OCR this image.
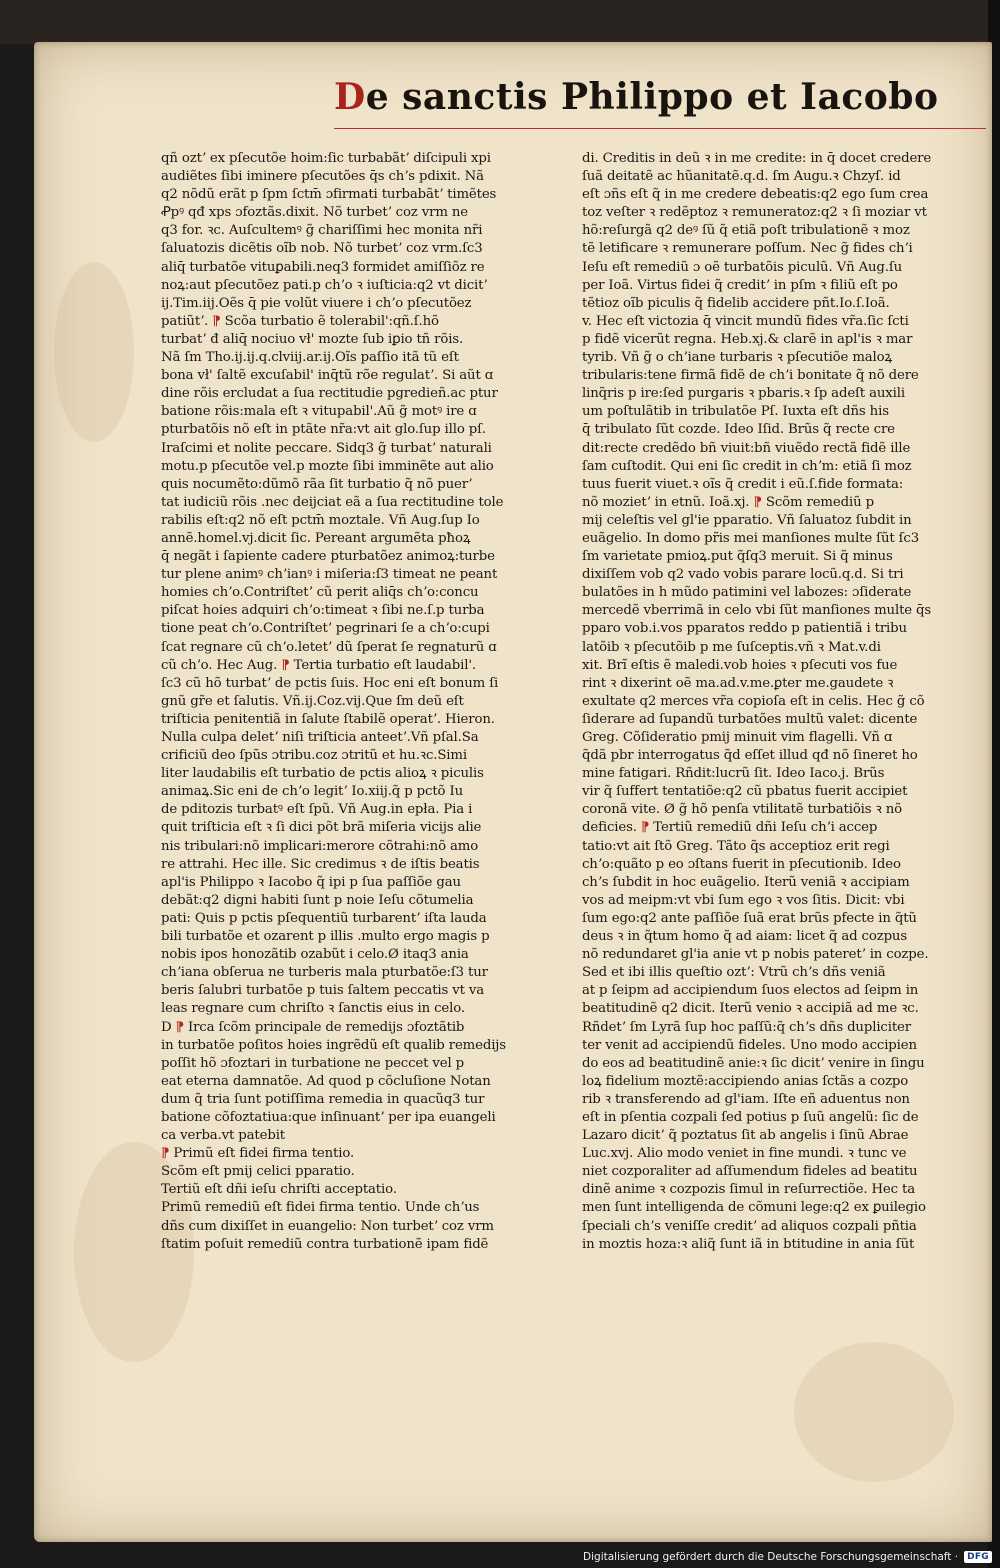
De sanctis Philippo et Iacobo
qñ oztʼ ex pſecutõe hoim:ſic turbabãtʼ diſcipuli xpi
audiẽtes ſibi iminere pſecutões q̄s chʼs pdixit. Nã
q2 nõdũ erãt p ſpm ſctm̄ ɔfirmati turbabãtʼ timẽtes
Ꝓpꝰ qđ xps ɔfoztãs.dixit. Nõ turbetʼ coz vrm ne
q3 for. ꝛc. Auſcultemꝰ g̃ chariſſimi hec monita nr̃i
ſaluatozis dicẽtis oĩb nob. Nõ turbetʼ coz vrm.ſc3
aliq̄ turbatõe vituꝑabili.neq3 formidet amiſſiõz re
noꝝ:aut pſecutõez pati.p chʼo ꝛ iuſticia:q2 vt dicitʼ
ij.Tim.iij.Oẽs q̄ pie volũt viuere i chʼo pſecutõez
patiũtʼ. ⁋ Scõa turbatio ẽ tolerabil':qñ.ſ.hõ
turbatʼ đ aliq̄ nociuo vł' mozte ſub iꝑio tñ rõis.
Nã ſm Tho.ij.ij.q.clviij.ar.ij.Oĩs paſſio itã tũ eſt
bona vł' ſaltẽ excuſabil' inq̄tũ rõe regulatʼ. Si aũt ɑ
dine rõis ercludat a ſua rectitudie pgredieñ.ac ptur
batione rõis:mala eſt ꝛ vitupabil'.Aũ g̃ motꝰ ire ɑ
pturbatõis nõ eſt in ptãte nr̃a:vt ait glo.ſup illo pſ.
Iraſcimi et nolite peccare. Sidq3 g̃ turbatʼ naturali
motu.p pſecutõe vel.p mozte ſibi imminẽte aut alio
quis nocumẽto:dũmõ rãa ſit turbatio q̃ nõ puerʼ
tat iudiciũ rõis .nec deijciat eã a ſua rectitudine tole
rabilis eſt:q2 nõ eſt pctm̄ moztale. Vñ Aug.ſup Io
annẽ.homel.vj.dicit ſic. Pereant argumẽta pħoꝝ
q̄ negãt i ſapiente cadere pturbatõez animoꝝ:turbe
tur plene animꝰ chʼianꝰ i miſeria:ſ3 timeat ne peant
homies chʼo.Contriſtetʼ cũ perit aliq̄s chʼo:concu
piſcat hoies adquiri chʼo:timeat ꝛ ſibi ne.ſ.p turba
tione peat chʼo.Contriſtetʼ pegrinari ſe a chʼo:cupi
ſcat regnare cũ chʼo.letetʼ dũ ſperat ſe regnaturũ ɑ
cũ chʼo. Hec Aug. ⁋ Tertia turbatio eſt laudabil'.
ſc3 cũ hõ turbatʼ de pctis ſuis. Hoc eni eſt bonum ſi
gnũ gr̃e et ſalutis. Vñ.ij.Coz.vij.Que ſm deũ eſt
triſticia penitentiã in ſalute ſtabilẽ operatʼ. Hieron.
Nulla culpa deletʼ niſi triſticia anteetʼ.Vñ pſal.Sa
crificiũ deo ſpũs ɔtribu.coz ɔtritũ et hu.ꝛc.Simi
liter laudabilis eſt turbatio de pctis alioꝝ ꝛ piculis
animaꝝ.Sic eni de chʼo legitʼ Io.xiij.q̃ p pctõ Iu
de pditozis turbatꝰ eſt ſpũ. Vñ Aug.in epła. Pia i
quit triſticia eſt ꝛ ſi dici põt brã miſeria vicijs alie
nis tribulari:nõ implicari:merore cõtrahi:nõ amo
re attrahi. Hec ille. Sic credimus ꝛ de iſtis beatis
apl'is Philippo ꝛ Iacobo q̃ ipi p ſua paſſiõe gau
debãt:q2 digni habiti ſunt p noie Ieſu cõtumelia
pati: Quis p pctis pſequentiũ turbarentʼ iſta lauda
bili turbatõe et ozarent p illis .multo ergo magis p
nobis ipos honozãtib ozabũt i celo.Ø itaq3 ania
chʼiana obſerua ne turberis mala pturbatõe:ſ3 tur
beris ſalubri turbatõe p tuis ſaltem peccatis vt va
leas regnare cum chriſto ꝛ ſanctis eius in celo.
D ⁋ Irca ſcõm principale de remedijs ɔfoztãtib
in turbatõe poſitos hoies ingrẽdũ eſt qualib remedijs
poſſit hõ ɔfoztari in turbatione ne peccet vel p
eat eterna damnatõe. Ad quod p cõcluſione Notan
dum q̃ tria ſunt potiſſima remedia in quacũq3 tur
batione cõfoztatiua:que inſinuantʼ per ipa euangeli
ca verba.vt patebit
⁋ Primũ eſt fidei firma tentio.
Scõm eſt pmij celici pparatio.
Tertiũ eſt dñi ieſu chriſti acceptatio.
Primũ remediũ eſt fidei firma tentio. Unde chʼus
dñs cum dixiſſet in euangelio: Non turbetʼ coz vrm
ſtatim poſuit remediũ contra turbationẽ ipam fidẽ
di. Creditis in deũ ꝛ in me credite: in q̄ docet credere
ſuã deitatẽ ac hũanitatẽ.q.d. ſm Augu.ꝛ Chzyſ. id
eſt ɔñs eſt q̃ in me credere debeatis:q2 ego ſum crea
toz veſter ꝛ redẽptoz ꝛ remuneratoz:q2 ꝛ ſi moziar vt
hõ:reſurgã q2 deꝰ ſũ q̃ etiã poſt tribulationẽ ꝛ moz
tẽ letificare ꝛ remunerare poſſum. Nec g̃ fides chʼi
Ieſu eſt remediũ ɔ oẽ turbatõis piculũ. Vñ Aug.ſu
per Ioã. Virtus fidei q̃ creditʼ in pſm ꝛ filiũ eſt po
tẽtioz oĩb piculis q̃ fidelib accidere pñt.Io.ſ.Ioã.
v. Hec eſt victozia q̄ vincit mundũ fides vr̃a.ſic ſcti
p fidẽ vicerũt regna. Heb.xj.& clarẽ in apl'is ꝛ mar
tyrib. Vñ g̃ o chʼiane turbaris ꝛ pſecutiõe maloꝝ
tribularis:tene firmã fidẽ de chʼi bonitate q̃ nõ dere
linq̃ris p ire:ſed purgaris ꝛ pbaris.ꝛ ſp adeſt auxili
um poſtulãtib in tribulatõe Pſ. Iuxta eſt dñs his
q̄ tribulato ſũt cozde. Ideo Iſid. Brũs q̃ recte cre
dit:recte credẽdo bñ viuit:bñ viuẽdo rectã fidẽ ille
ſam cuſtodit. Qui eni ſic credit in chʼm: etiã ſi moz
tuus fuerit viuet.ꝛ oĩs q̃ credit i eũ.ſ.fide formata:
nõ mozietʼ in etnũ. Ioã.xj. ⁋ Scõm remediũ p
mij celeſtis vel gl'ie pparatio. Vñ ſaluatoz ſubdit in
euãgelio. In domo pr̃is mei manſiones multe ſũt ſc3
ſm varietate pmioꝝ.put q̃ſq3 meruit. Si q̃ minus
dixiſſem vob q2 vado vobis parare locũ.q.d. Si tri
bulatões in h mũdo patimini vel labozes: ɔſiderate
mercedẽ vberrimã in celo vbi ſũt manſiones multe q̄s
pparo vob.i.vos pparatos reddo p patientiã i tribu
latõib ꝛ pſecutõib p me ſuſceptis.vñ ꝛ Mat.v.di
xit. Brĩ eſtis ẽ maledi.vob hoies ꝛ pſecuti vos fue
rint ꝛ dixerint oẽ ma.ad.v.me.ꝑter me.gaudete ꝛ
exultate q2 merces vr̃a copioſa eſt in celis. Hec g̃ cõ
ſiderare ad ſupandũ turbatões multũ valet: dicente
Greg. Cõſideratio pmij minuit vim flagelli. Vñ ɑ
q̃dã pbr interrogatus q̃d eſſet illud qđ nõ ſineret ho
mine fatigari. Rñdit:lucrũ ſit. Ideo Iaco.j. Brũs
vir q̃ ſuffert tentatiõe:q2 cũ pbatus fuerit accipiet
coronã vite. Ø g̃ hõ penſa vtilitatẽ turbatiõis ꝛ nõ
deficies. ⁋ Tertiũ remediũ dñi Ieſu chʼi accep
tatio:vt ait ſtõ Greg. Tãto q̃s acceptioz erit regi
chʼo:quãto p eo ɔſtans fuerit in pſecutionib. Ideo
chʼs ſubdit in hoc euãgelio. Iterũ veniã ꝛ accipiam
vos ad meipm:vt vbi ſum ego ꝛ vos ſitis. Dicit: vbi
ſum ego:q2 ante paſſiõe ſuã erat brũs pfecte in q̃tũ
deus ꝛ in q̃tum homo q̃ ad aiam: licet q̃ ad cozpus
nõ redundaret gl'ia anie vt p nobis pateretʼ in cozpe.
Sed et ibi illis queſtio oztʼ: Vtrũ chʼs dñs veniã
at p ſeipm ad accipiendum ſuos electos ad ſeipm in
beatitudinẽ q2 dicit. Iterũ venio ꝛ accipiã ad me ꝛc.
Rñdetʼ ſm Lyrã ſup hoc paſſũ:q̃ chʼs dñs dupliciter
ter venit ad accipiendũ fideles. Uno modo accipien
do eos ad beatitudinẽ anie:ꝛ ſic dicitʼ venire in ſingu
loꝝ fidelium moztẽ:accipiendo anias ſctãs a cozpo
rib ꝛ transferendo ad gl'iam. Iſte eñ aduentus non
eſt in pſentia cozpali ſed potius p ſuũ angelũ: ſic de
Lazaro dicitʼ q̃ poztatus ſit ab angelis i ſinũ Abrae
Luc.xvj. Alio modo veniet in fine mundi. ꝛ tunc ve
niet cozporaliter ad aſſumendum fideles ad beatitu
dinẽ anime ꝛ cozpozis ſimul in reſurrectiõe. Hec ta
men ſunt intelligenda de cõmuni lege:q2 ex ꝑuilegio
ſpeciali chʼs veniſſe creditʼ ad aliquos cozpali pñtia
in moztis hoza:ꝛ aliq̃ ſunt iã in btitudine in ania ſũt
Digitalisierung gefördert durch die Deutsche Forschungsgemeinschaft ·	DFG
